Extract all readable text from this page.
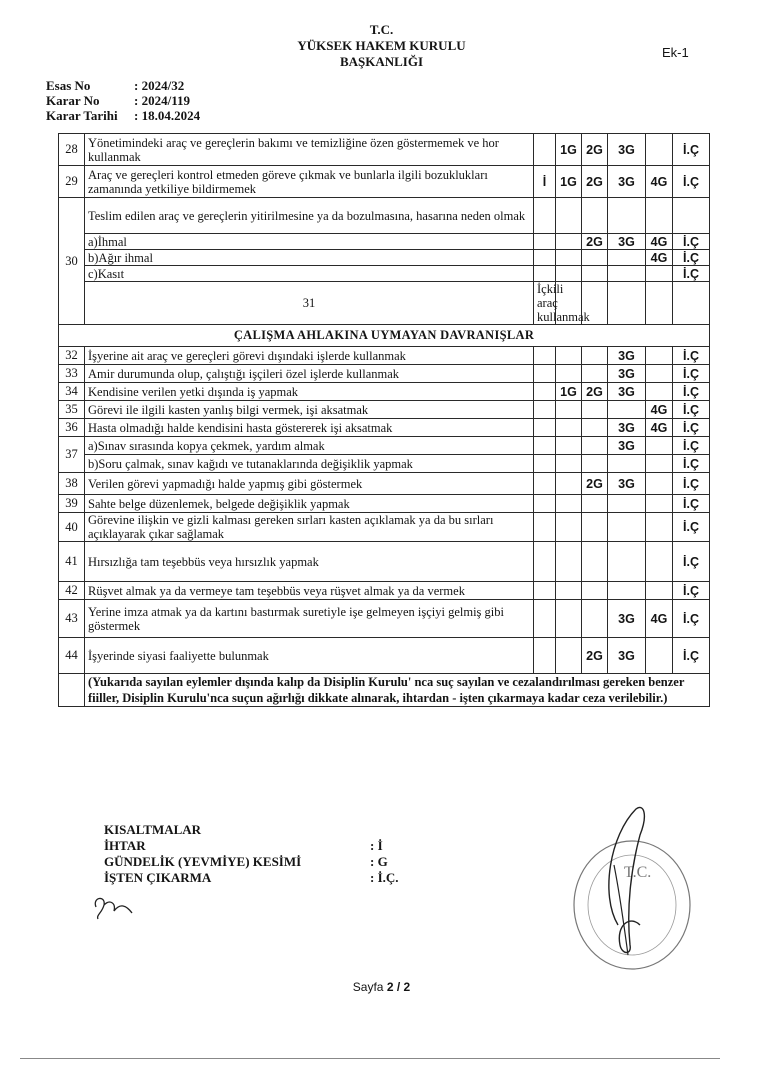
T.C.
YÜKSEK HAKEM KURULU
BAŞKANLIĞI
Ek-1
Esas No	: 2024/32
Karar No	: 2024/119
Karar Tarihi	: 18.04.2024
28	Yönetimindeki araç ve gereçlerin bakımı ve temizliğine özen göstermemek ve hor kullanmak		1G	2G	3G		İ.Ç	
29	Araç ve gereçleri kontrol etmeden göreve çıkmak ve bunlarla ilgili bozuklukları zamanında yetkiliye bildirmemek	İ	1G	2G	3G	4G	İ.Ç	
30	Teslim edilen araç ve gereçlerin yitirilmesine ya da bozulmasına, hasarına neden olmak							
	a)İhmal			2G	3G	4G	İ.Ç	
	b)Ağır ihmal					4G	İ.Ç	
	c)Kasıt						İ.Ç	
	31	İçkili araç kullanmak						
ÇALIŞMA AHLAKINA UYMAYAN DAVRANIŞLAR								
32	İşyerine ait araç ve gereçleri görevi dışındaki işlerde kullanmak				3G		İ.Ç	
33	Amir durumunda olup, çalıştığı işçileri özel işlerde kullanmak				3G		İ.Ç	
34	Kendisine verilen yetki dışında iş yapmak		1G	2G	3G		İ.Ç	
35	Görevi ile ilgili kasten yanlış bilgi vermek, işi aksatmak					4G	İ.Ç	
36	Hasta olmadığı halde kendisini hasta göstererek işi aksatmak				3G	4G	İ.Ç	
37	a)Sınav sırasında kopya çekmek, yardım almak				3G		İ.Ç	
	b)Soru çalmak, sınav kağıdı ve tutanaklarında değişiklik yapmak						İ.Ç	
38	Verilen görevi yapmadığı halde yapmış gibi göstermek			2G	3G		İ.Ç	
39	Sahte belge düzenlemek, belgede değişiklik yapmak						İ.Ç	
40	Görevine ilişkin ve gizli kalması gereken sırları kasten açıklamak ya da bu sırları açıklayarak çıkar sağlamak						İ.Ç	
41	Hırsızlığa tam teşebbüs veya hırsızlık yapmak						İ.Ç	
42	Rüşvet almak ya da vermeye tam teşebbüs veya rüşvet almak ya da vermek						İ.Ç	
43	Yerine imza atmak ya da kartını bastırmak suretiyle işe gelmeyen işçiyi gelmiş gibi göstermek				3G	4G	İ.Ç	
44	İşyerinde siyasi faaliyette bulunmak			2G	3G		İ.Ç	
	(Yukarıda sayılan eylemler dışında kalıp da Disiplin Kurulu' nca suç sayılan ve cezalandırılması gereken benzer fiiller, Disiplin Kurulu'nca suçun ağırlığı dikkate alınarak, ihtardan - işten çıkarmaya kadar ceza verilebilir.)							
KISALTMALAR
İHTAR	: İ
GÜNDELİK (YEVMİYE) KESİMİ	: G
İŞTEN ÇIKARMA	: İ.Ç.	T.C.
Sayfa 2 / 2
